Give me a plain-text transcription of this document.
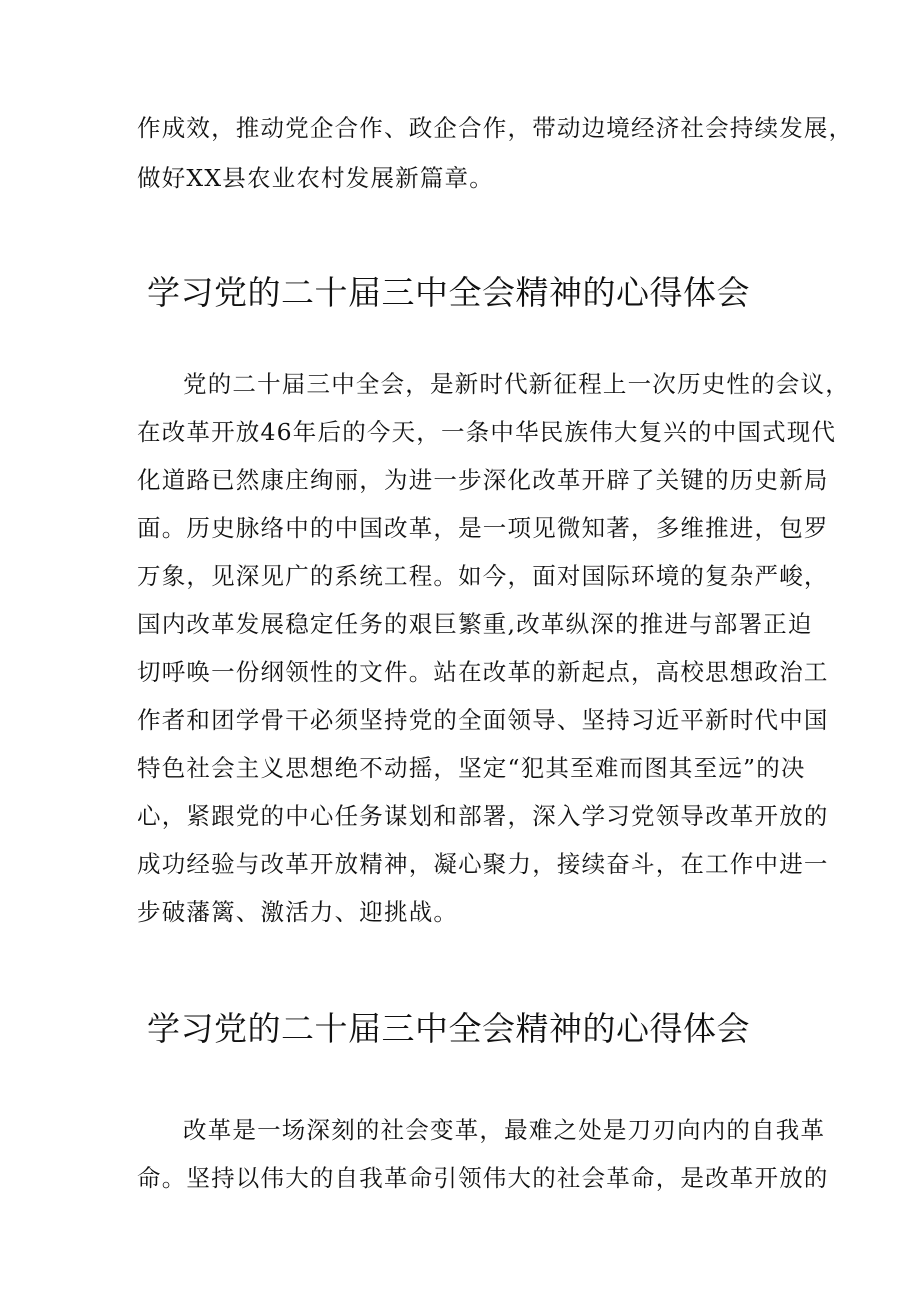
作成效，推动党企合作、政企合作，带动边境经济社会持续发展，
做好XX县农业农村发展新篇章。
学习党的二十届三中全会精神的心得体会
党的二十届三中全会，是新时代新征程上一次历史性的会议，
在改革开放46年后的今天，一条中华民族伟大复兴的中国式现代
化道路已然康庄绚丽，为进一步深化改革开辟了关键的历史新局
面。历史脉络中的中国改革，是一项见微知著，多维推进，包罗
万象，见深见广的系统工程。如今，面对国际环境的复杂严峻，
国内改革发展稳定任务的艰巨繁重,改革纵深的推进与部署正迫
切呼唤一份纲领性的文件。站在改革的新起点，高校思想政治工
作者和团学骨干必须坚持党的全面领导、坚持习近平新时代中国
特色社会主义思想绝不动摇，坚定“犯其至难而图其至远”的决
心，紧跟党的中心任务谋划和部署，深入学习党领导改革开放的
成功经验与改革开放精神，凝心聚力，接续奋斗，在工作中进一
步破藩篱、激活力、迎挑战。
学习党的二十届三中全会精神的心得体会
改革是一场深刻的社会变革，最难之处是刀刃向内的自我革
命。坚持以伟大的自我革命引领伟大的社会革命，是改革开放的
